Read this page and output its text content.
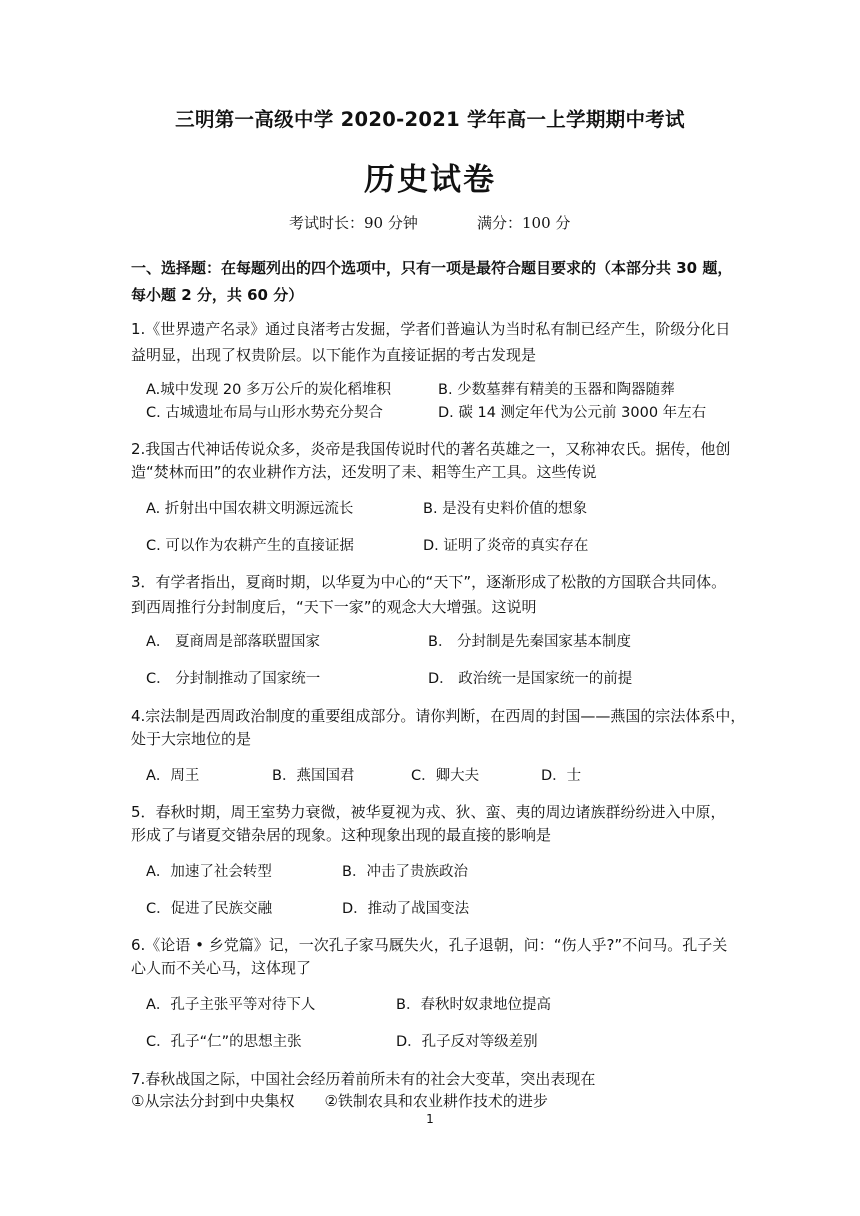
三明第一高级中学 2020-2021 学年高一上学期期中考试
历史试卷
考试时长：90 分钟	满分：100 分
一、选择题：在每题列出的四个选项中，只有一项是最符合题目要求的（本部分共 30 题，
每小题 2 分，共 60 分）
1.《世界遗产名录》通过良渚考古发掘，学者们普遍认为当时私有制已经产生，阶级分化日
益明显，出现了权贵阶层。以下能作为直接证据的考古发现是
A.城中发现 20 多万公斤的炭化稻堆积	B. 少数墓葬有精美的玉器和陶器随葬
C. 古城遗址布局与山形水势充分契合	D. 碳 14 测定年代为公元前 3000 年左右
2.我国古代神话传说众多，炎帝是我国传说时代的著名英雄之一，又称神农氏。据传，他创
造“焚林而田”的农业耕作方法，还发明了耒、耜等生产工具。这些传说
A. 折射出中国农耕文明源远流长	B. 是没有史料价值的想象
C. 可以作为农耕产生的直接证据	D. 证明了炎帝的真实存在
3．有学者指出，夏商时期，以华夏为中心的“天下”，逐渐形成了松散的方国联合共同体。
到西周推行分封制度后，“天下一家”的观念大大增强。这说明
A． 夏商周是部落联盟国家	B． 分封制是先秦国家基本制度
C． 分封制推动了国家统一	D． 政治统一是国家统一的前提
4.宗法制是西周政治制度的重要组成部分。请你判断，在西周的封国——燕国的宗法体系中，
处于大宗地位的是
A．周王	B．燕国国君	C．卿大夫	D．士
5．春秋时期，周王室势力衰微，被华夏视为戎、狄、蛮、夷的周边诸族群纷纷进入中原，
形成了与诸夏交错杂居的现象。这种现象出现的最直接的影响是
A．加速了社会转型	B．冲击了贵族政治
C．促进了民族交融	D．推动了战国变法
6.《论语 • 乡党篇》记，一次孔子家马厩失火，孔子退朝，问：“伤人乎?”不问马。孔子关
心人而不关心马，这体现了
A．孔子主张平等对待下人	B．春秋时奴隶地位提高
C．孔子“仁”的思想主张	D．孔子反对等级差别
7.春秋战国之际，中国社会经历着前所未有的社会大变革，突出表现在
①从宗法分封到中央集权　　②铁制农具和农业耕作技术的进步
1
